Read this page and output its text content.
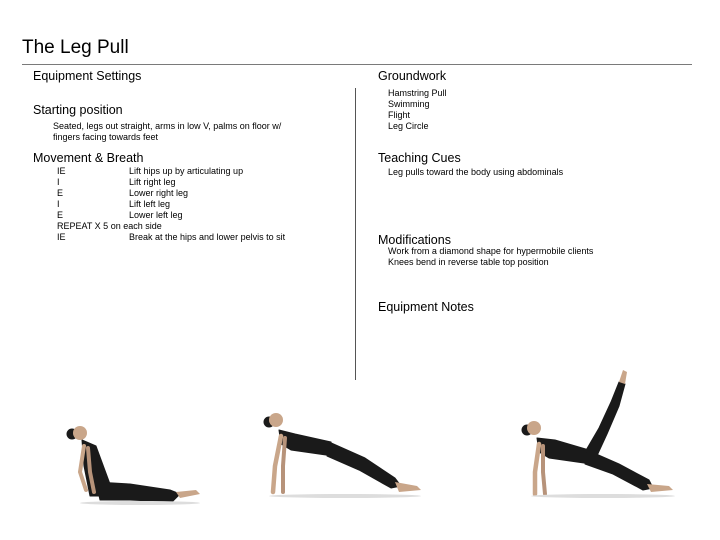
The Leg Pull
Equipment Settings
Starting position
Seated, legs out straight, arms in low V, palms on floor w/
fingers facing towards feet
Movement & Breath
IE	Lift hips up by articulating up
I	Lift right leg
E	Lower right leg
I	Lift left leg
E	Lower left leg
REPEAT X 5 on each side
IE	Break at the hips and lower pelvis to sit
Groundwork
Hamstring Pull
Swimming
Flight
Leg Circle
Teaching Cues
Leg pulls toward the body using abdominals
Modifications
Work from a diamond shape for hypermobile clients
Knees bend in reverse table top position
Equipment Notes
